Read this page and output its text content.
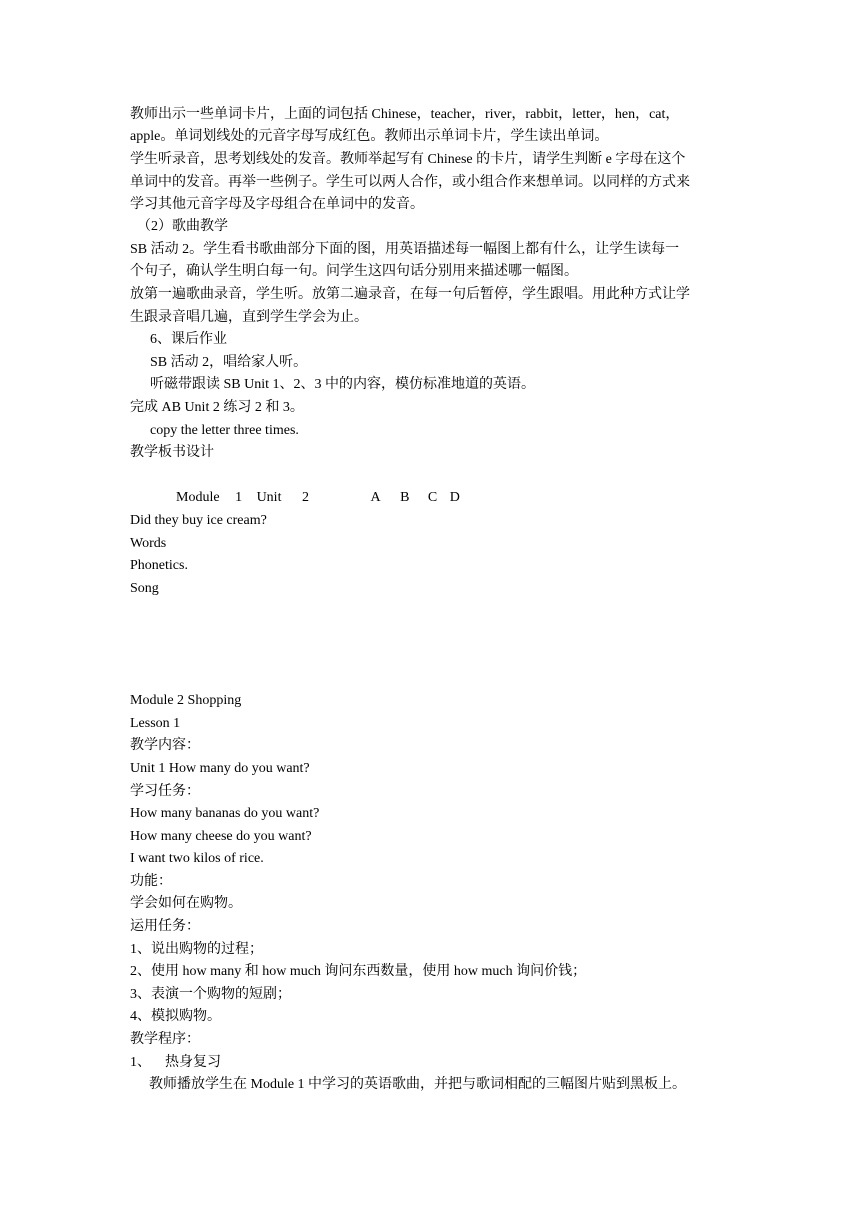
教师出示一些单词卡片，上面的词包括 Chinese，teacher，river，rabbit，letter，hen，cat，
apple。单词划线处的元音字母写成红色。教师出示单词卡片，学生读出单词。
学生听录音，思考划线处的发音。教师举起写有 Chinese 的卡片，请学生判断 e 字母在这个
单词中的发音。再举一些例子。学生可以两人合作，或小组合作来想单词。以同样的方式来
学习其他元音字母及字母组合在单词中的发音。
（2）歌曲教学
SB 活动 2。学生看书歌曲部分下面的图，用英语描述每一幅图上都有什么，让学生读每一
个句子，确认学生明白每一句。问学生这四句话分别用来描述哪一幅图。
放第一遍歌曲录音，学生听。放第二遍录音，在每一句后暂停，学生跟唱。用此种方式让学
生跟录音唱几遍，直到学生学会为止。
6、课后作业
SB 活动 2，唱给家人听。
听磁带跟读 SB Unit 1、2、3 中的内容，模仿标准地道的英语。
完成 AB Unit 2 练习 2 和 3。
copy the letter three times.
教学板书设计
Module 1 Unit 2	A B C D
Did they buy ice cream?
Words
Phonetics.
Song
Module 2 Shopping
Lesson 1
教学内容：
Unit 1 How many do you want?
学习任务：
How many bananas do you want?
How many cheese do you want?
I want two kilos of rice.
功能：
学会如何在购物。
运用任务：
1、说出购物的过程；
2、使用 how many 和 how much 询问东西数量，使用 how much 询问价钱；
3、表演一个购物的短剧；
4、模拟购物。
教学程序：
1、    热身复习
教师播放学生在 Module 1 中学习的英语歌曲，并把与歌词相配的三幅图片贴到黑板上。
